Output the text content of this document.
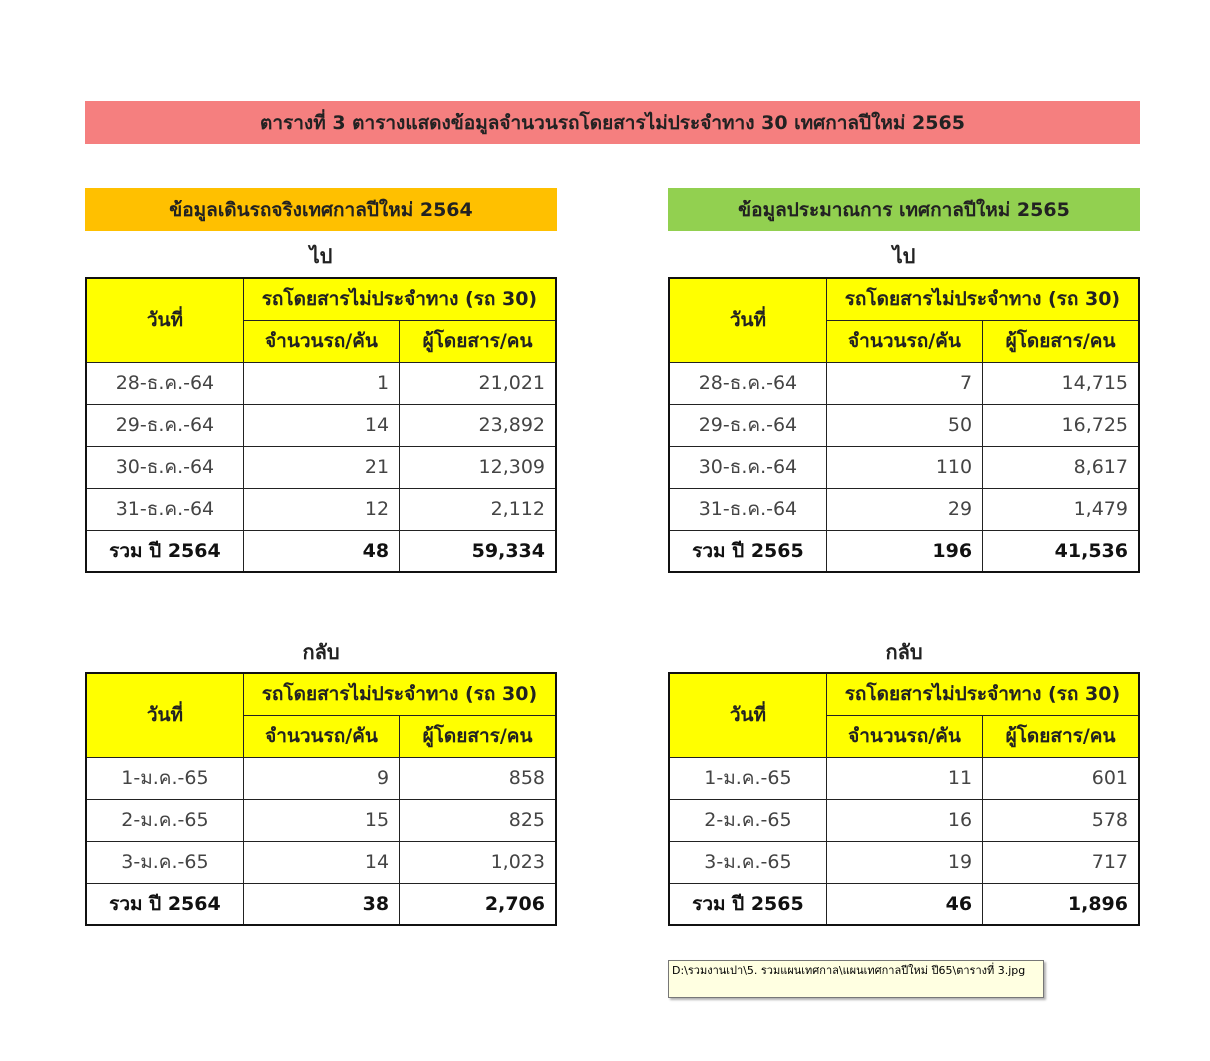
ตารางที่ 3 ตารางแสดงข้อมูลจำนวนรถโดยสารไม่ประจำทาง 30 เทศกาลปีใหม่ 2565
ข้อมูลเดินรถจริงเทศกาลปีใหม่ 2564	ข้อมูลประมาณการ เทศกาลปีใหม่ 2565
ไป
วันที่	รถโดยสารไม่ประจำทาง (รถ 30)	
	จำนวนรถ/คัน	ผู้โดยสาร/คน
28-ธ.ค.-64	1	21,021
29-ธ.ค.-64	14	23,892
30-ธ.ค.-64	21	12,309
31-ธ.ค.-64	12	2,112
รวม ปี 2564	48	59,334
กลับ
วันที่	รถโดยสารไม่ประจำทาง (รถ 30)	
	จำนวนรถ/คัน	ผู้โดยสาร/คน
1-ม.ค.-65	9	858
2-ม.ค.-65	15	825
3-ม.ค.-65	14	1,023
รวม ปี 2564	38	2,706
ไป
วันที่	รถโดยสารไม่ประจำทาง (รถ 30)	
	จำนวนรถ/คัน	ผู้โดยสาร/คน
28-ธ.ค.-64	7	14,715
29-ธ.ค.-64	50	16,725
30-ธ.ค.-64	110	8,617
31-ธ.ค.-64	29	1,479
รวม ปี 2565	196	41,536
กลับ
วันที่	รถโดยสารไม่ประจำทาง (รถ 30)	
	จำนวนรถ/คัน	ผู้โดยสาร/คน
1-ม.ค.-65	11	601
2-ม.ค.-65	16	578
3-ม.ค.-65	19	717
รวม ปี 2565	46	1,896
D:\รวมงานเปา\5. รวมแผนเทศกาล\แผนเทศกาลปีใหม่ ปี65\ตารางที่ 3.jpg
